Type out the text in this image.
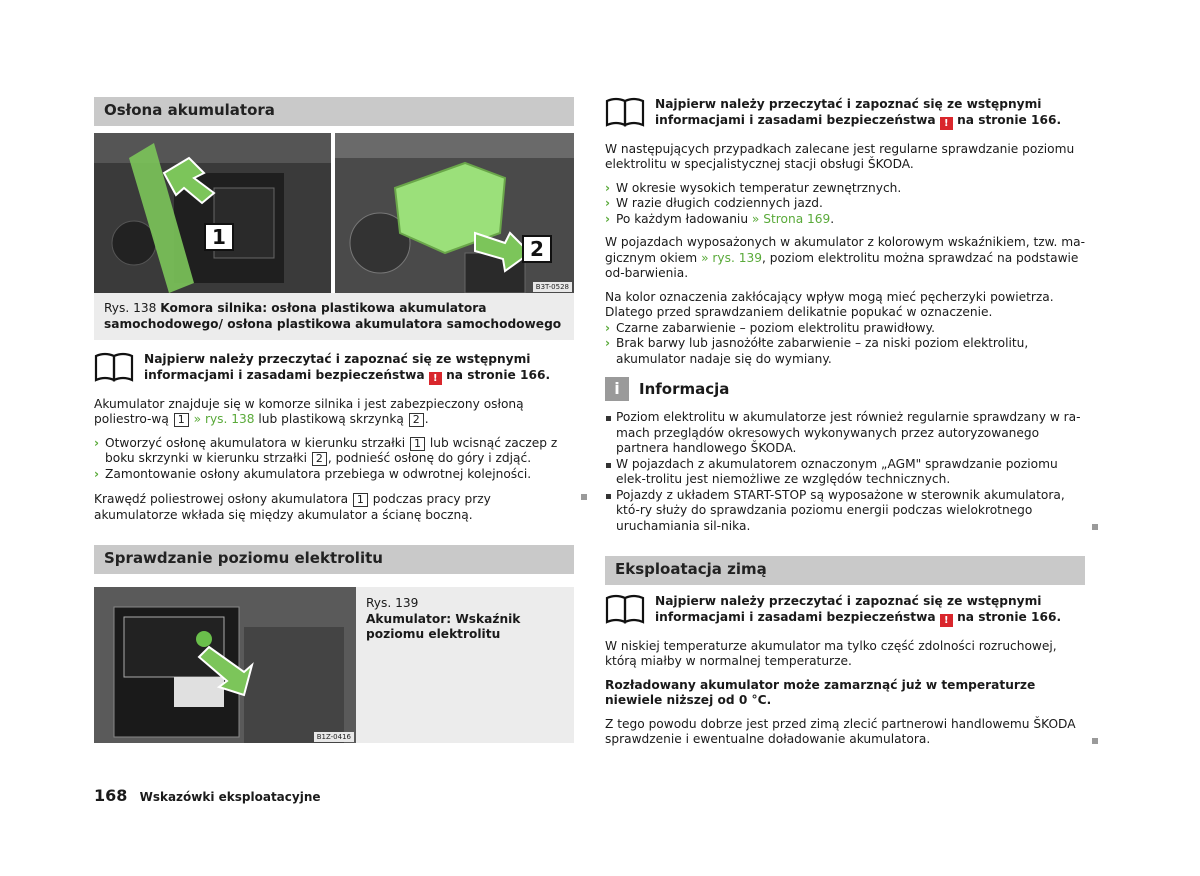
Osłona akumulatora
1	2
B3T-0528
Rys. 138 Komora silnika: osłona plastikowa akumulatora samochodowego/ osłona plastikowa akumulatora samochodowego
Najpierw należy przeczytać i zapoznać się ze wstępnymi informacjami i zasadami bezpieczeństwa ! na stronie 166.

Akumulator znajduje się w komorze silnika i jest zabezpieczony osłoną poliestro-wą 1 » rys. 138 lub plastikową skrzynką 2 .

› Otworzyć osłonę akumulatora w kierunku strzałki 1 lub wcisnąć zaczep z boku skrzynki w kierunku strzałki 2 , podnieść osłonę do góry i zdjąć.
› Zamontowanie osłony akumulatora przebiega w odwrotnej kolejności.

Krawędź poliestrowej osłony akumulatora 1 podczas pracy przy akumulatorze wkłada się między akumulator a ścianę boczną.

Sprawdzanie poziomu elektrolitu
B1Z-0416
Rys. 139
Akumulator: Wskaźnik poziomu elektrolitu
Najpierw należy przeczytać i zapoznać się ze wstępnymi informacjami i zasadami bezpieczeństwa ! na stronie 166.

W następujących przypadkach zalecane jest regularne sprawdzanie poziomu elektrolitu w specjalistycznej stacji obsługi ŠKODA.

› W okresie wysokich temperatur zewnętrznych.
› W razie długich codziennych jazd.
› Po każdym ładowaniu » Strona 169.

W pojazdach wyposażonych w akumulator z kolorowym wskaźnikiem, tzw. ma-gicznym okiem » rys. 139, poziom elektrolitu można sprawdzać na podstawie od-barwienia.

Na kolor oznaczenia zakłócający wpływ mogą mieć pęcherzyki powietrza. Dlatego przed sprawdzaniem delikatnie popukać w oznaczenie.

› Czarne zabarwienie – poziom elektrolitu prawidłowy.
› Brak barwy lub jasnożółte zabarwienie – za niski poziom elektrolitu, akumulator nadaje się do wymiany.
i	Informacja
Poziom elektrolitu w akumulatorze jest również regularnie sprawdzany w ra-mach przeglądów okresowych wykonywanych przez autoryzowanego partnera handlowego ŠKODA.
W pojazdach z akumulatorem oznaczonym „AGM" sprawdzanie poziomu elek-trolitu jest niemożliwe ze względów technicznych.
Pojazdy z układem START-STOP są wyposażone w sterownik akumulatora, któ-ry służy do sprawdzania poziomu energii podczas wielokrotnego uruchamiania sil-nika.
Eksploatacja zimą
Najpierw należy przeczytać i zapoznać się ze wstępnymi informacjami i zasadami bezpieczeństwa ! na stronie 166.

W niskiej temperaturze akumulator ma tylko część zdolności rozruchowej, którą miałby w normalnej temperaturze.

Rozładowany akumulator może zamarznąć już w temperaturze niewiele niższej od 0 °C.

Z tego powodu dobrze jest przed zimą zlecić partnerowi handlowemu ŠKODA sprawdzenie i ewentualne doładowanie akumulatora.

168 Wskazówki eksploatacyjne
